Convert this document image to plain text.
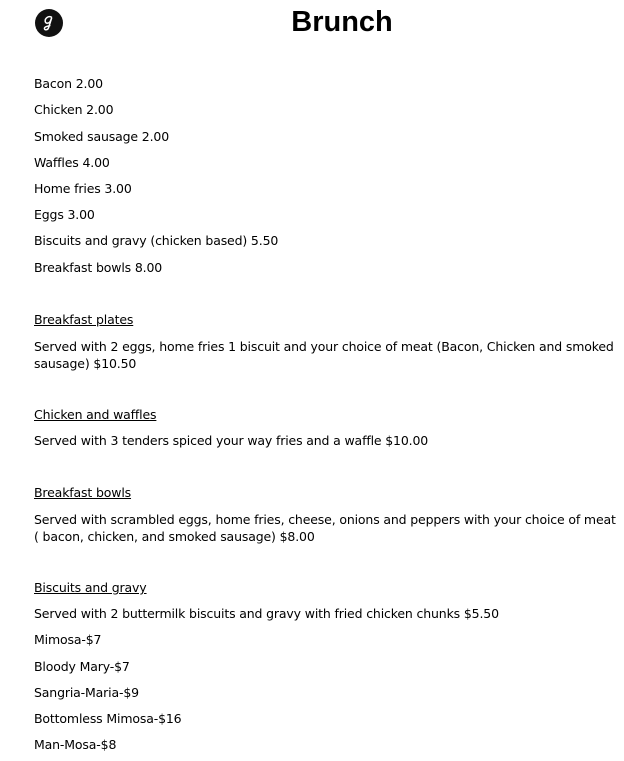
Brunch
Bacon 2.00
Chicken 2.00
Smoked sausage 2.00
Waffles 4.00
Home fries 3.00
Eggs 3.00
Biscuits and gravy (chicken based) 5.50
Breakfast bowls 8.00
Breakfast plates
Served with 2 eggs, home fries 1 biscuit and your choice of meat (Bacon, Chicken and smoked sausage) $10.50
Chicken and waffles
Served with 3 tenders spiced your way fries and a waffle $10.00
Breakfast bowls
Served with scrambled eggs, home fries, cheese, onions and peppers with your choice of meat ( bacon, chicken, and smoked sausage) $8.00
Biscuits and gravy
Served with 2 buttermilk biscuits and gravy with fried chicken chunks $5.50
Mimosa-$7
Bloody Mary-$7
Sangria-Maria-$9
Bottomless Mimosa-$16
Man-Mosa-$8
